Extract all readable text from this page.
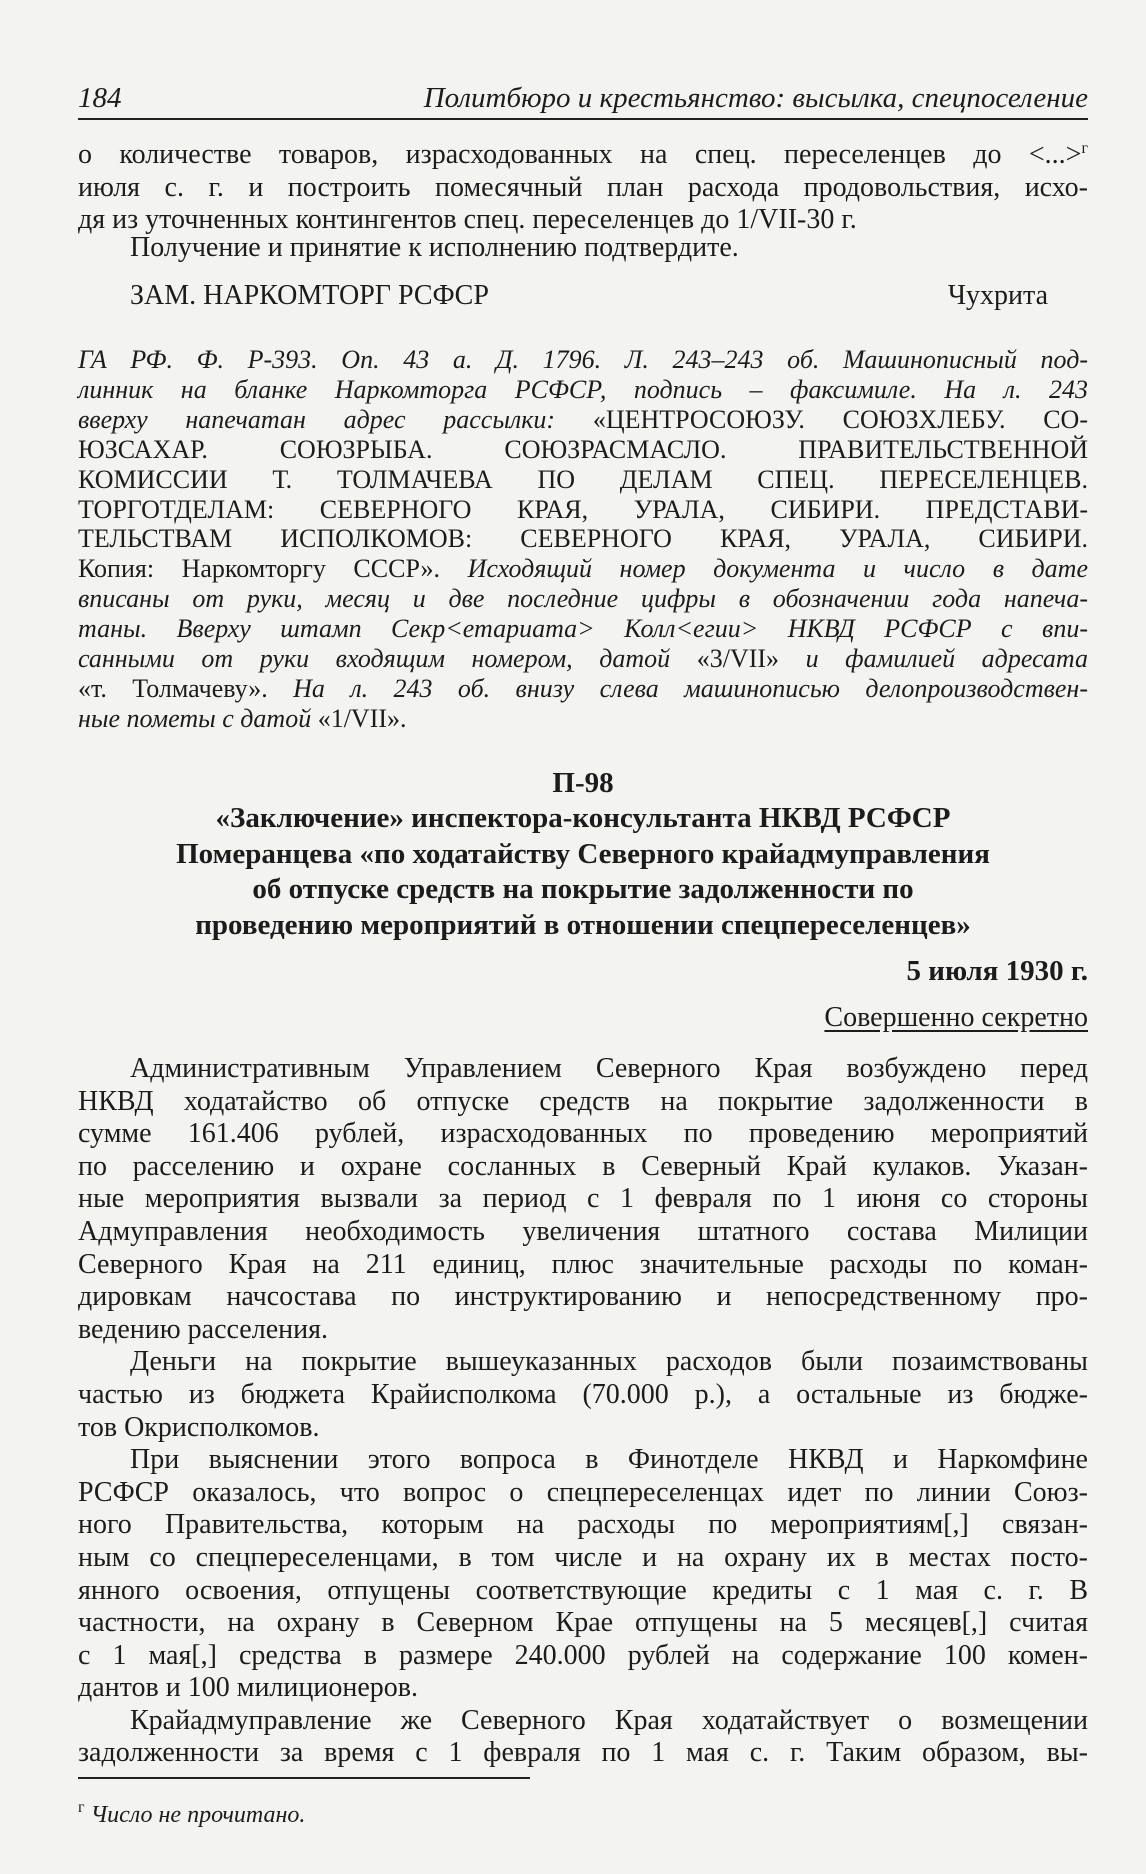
184	Политбюро и крестьянство: высылка, спецпоселение
о количестве товаров, израсходованных на спец. переселенцев до <...>$^г$
июля с. г. и построить помесячный план расхода продовольствия, исхо-
дя из уточненных контингентов спец. переселенцев до 1/VII-30 г.
Получение и принятие к исполнению подтвердите.
ЗАМ. НАРКОМТОРГ РСФСР	Чухрита
ГА РФ. Ф. Р-393. Оп. 43 а. Д. 1796. Л. 243–243 об. Машинописный под-
линник на бланке Наркомторга РСФСР, подпись – факсимиле. На л. 243
вверху напечатан адрес рассылки: «ЦЕНТРОСОЮЗУ. СОЮЗХЛЕБУ. СО-
ЮЗСАХАР. СОЮЗРЫБА. СОЮЗРАСМАСЛО. ПРАВИТЕЛЬСТВЕННОЙ
КОМИССИИ Т. ТОЛМАЧЕВА ПО ДЕЛАМ СПЕЦ. ПЕРЕСЕЛЕНЦЕВ.
ТОРГОТДЕЛАМ: СЕВЕРНОГО КРАЯ, УРАЛА, СИБИРИ. ПРЕДСТАВИ-
ТЕЛЬСТВАМ ИСПОЛКОМОВ: СЕВЕРНОГО КРАЯ, УРАЛА, СИБИРИ.
Копия: Наркомторгу СССР». Исходящий номер документа и число в дате
вписаны от руки, месяц и две последние цифры в обозначении года напеча-
таны. Вверху штамп Секр<етариата> Колл<егии> НКВД РСФСР с впи-
санными от руки входящим номером, датой «3/VII» и фамилией адресата
«т. Толмачеву». На л. 243 об. внизу слева машинописью делопроизводствен-
ные пометы с датой «1/VII».
П-98
«Заключение» инспектора-консультанта НКВД РСФСР
Померанцева «по ходатайству Северного крайадмуправления
об отпуске средств на покрытие задолженности по
проведению мероприятий в отношении спецпереселенцев»
5 июля 1930 г.
Совершенно секретно
Административным Управлением Северного Края возбуждено перед
НКВД ходатайство об отпуске средств на покрытие задолженности в
сумме 161.406 рублей, израсходованных по проведению мероприятий
по расселению и охране сосланных в Северный Край кулаков. Указан-
ные мероприятия вызвали за период с 1 февраля по 1 июня со стороны
Адмуправления необходимость увеличения штатного состава Милиции
Северного Края на 211 единиц, плюс значительные расходы по коман-
дировкам начсостава по инструктированию и непосредственному про-
ведению расселения.
Деньги на покрытие вышеуказанных расходов были позаимствованы
частью из бюджета Крайисполкома (70.000 р.), а остальные из бюдже-
тов Окрисполкомов.
При выяснении этого вопроса в Финотделе НКВД и Наркомфине
РСФСР оказалось, что вопрос о спецпереселенцах идет по линии Союз-
ного Правительства, которым на расходы по мероприятиям[,] связан-
ным со спецпереселенцами, в том числе и на охрану их в местах посто-
янного освоения, отпущены соответствующие кредиты с 1 мая с. г. В
частности, на охрану в Северном Крае отпущены на 5 месяцев[,] считая
с 1 мая[,] средства в размере 240.000 рублей на содержание 100 комен-
дантов и 100 милиционеров.
Крайадмуправление же Северного Края ходатайствует о возмещении
задолженности за время с 1 февраля по 1 мая с. г. Таким образом, вы-
$^г$ Число не прочитано.
